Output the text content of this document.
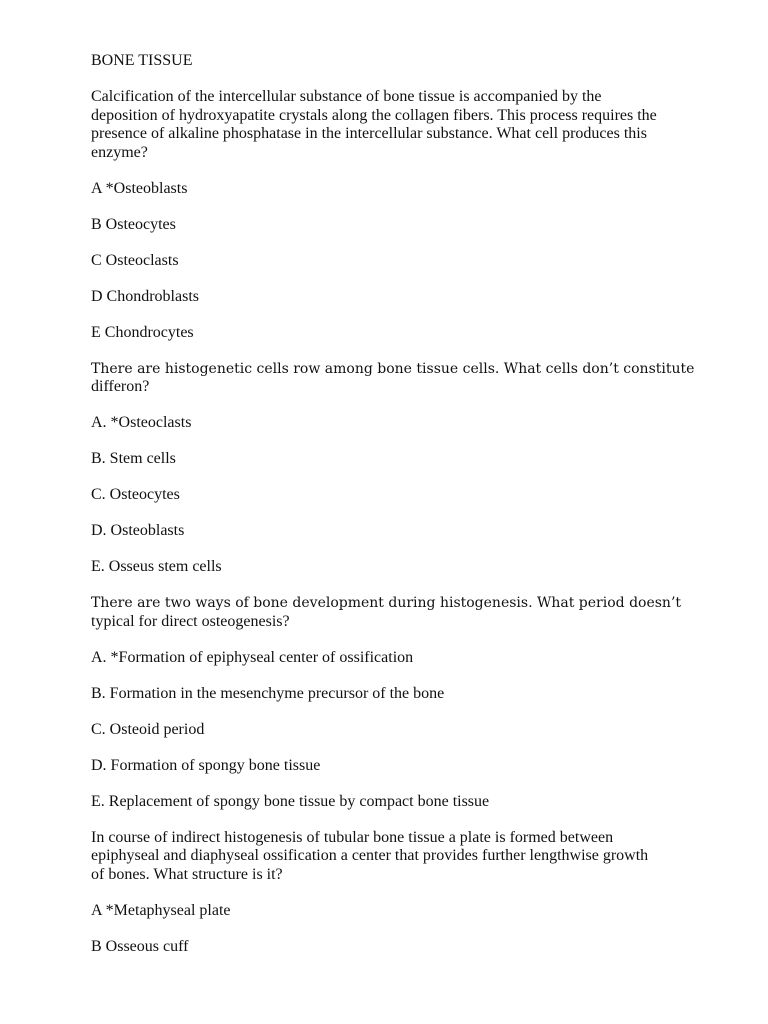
BONE TISSUE
Calcification of the intercellular substance of bone tissue is accompanied by the
deposition of hydroxyapatite crystals along the collagen fibers. This process requires the
presence of alkaline phosphatase in the intercellular substance. What cell produces this
enzyme?
A *Osteoblasts
B Osteocytes
C Osteoclasts
D Chondroblasts
E Chondrocytes
There are histogenetic cells row among bone tissue cells. What cells don’t constitute
differon?
A. *Osteoclasts
B. Stem cells
C. Osteocytes
D. Osteoblasts
E. Osseus stem cells
There are two ways of bone development during histogenesis. What period doesn’t
typical for direct osteogenesis?
A. *Formation of epiphyseal center of ossification
B. Formation in the mesenchyme precursor of the bone
C. Osteoid period
D. Formation of spongy bone tissue
E. Replacement of spongy bone tissue by compact bone tissue
In course of indirect histogenesis of tubular bone tissue a plate is formed between
epiphyseal and diaphyseal ossification a center that provides further lengthwise growth
of bones. What structure is it?
A *Metaphyseal plate
B Osseous cuff
